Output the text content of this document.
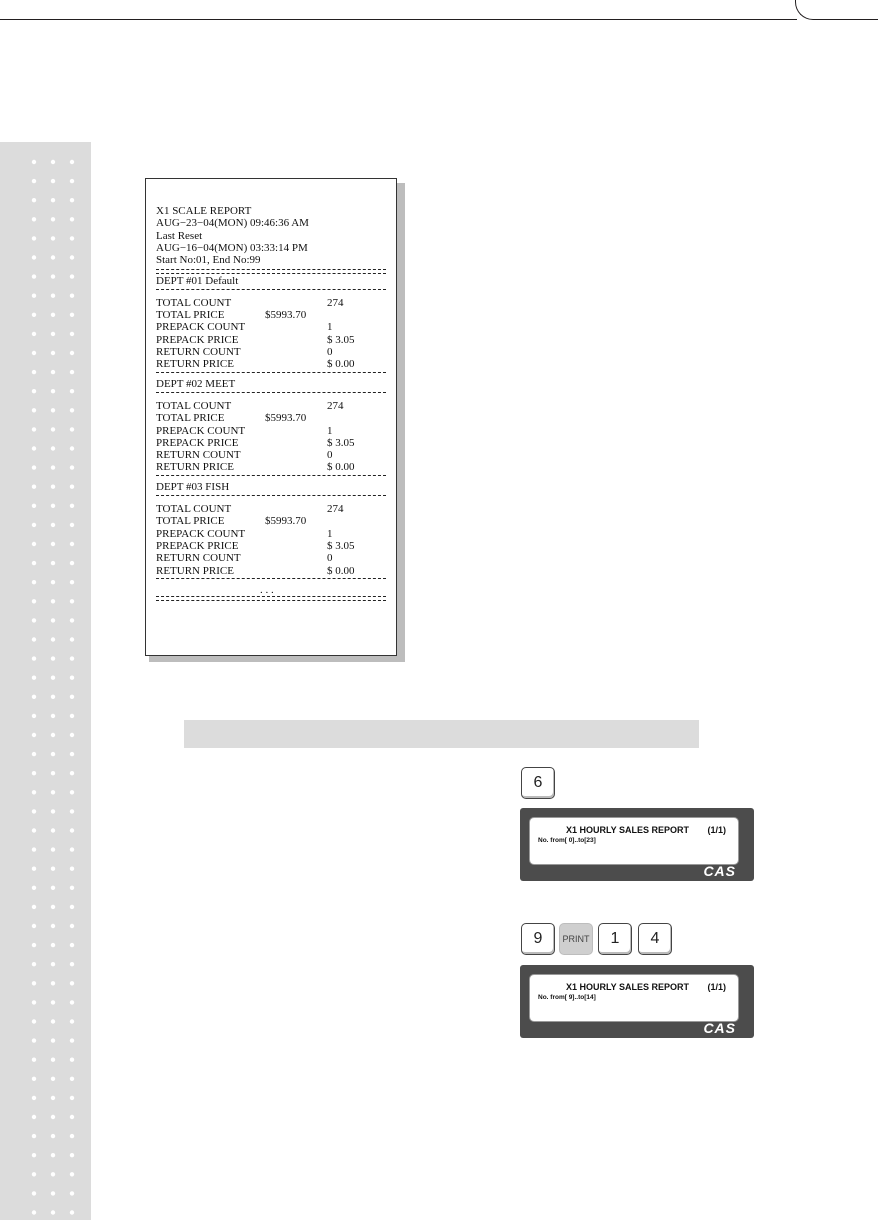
X1 SCALE REPORT
AUG−23−04(MON) 09:46:36 AM
Last Reset
AUG−16−04(MON) 03:33:14 PM
Start No:01, End No:99
DEPT #01 Default
TOTAL COUNT	274
TOTAL PRICE	$5993.70
PREPACK COUNT	1
PREPACK PRICE	$ 3.05
RETURN COUNT	0
RETURN PRICE	$ 0.00
DEPT #02 MEET
TOTAL COUNT	274
TOTAL PRICE	$5993.70
PREPACK COUNT	1
PREPACK PRICE	$ 3.05
RETURN COUNT	0
RETURN PRICE	$ 0.00
DEPT #03 FISH
TOTAL COUNT	274
TOTAL PRICE	$5993.70
PREPACK COUNT	1
PREPACK PRICE	$ 3.05
RETURN COUNT	0
RETURN PRICE	$ 0.00
. . .
6
X1 HOURLY SALES REPORT (1/1)
No. from[ 0]..to[23]
CAS
9	PRINT	1	4
X1 HOURLY SALES REPORT (1/1)
No. from[ 9]..to[14]
CAS
